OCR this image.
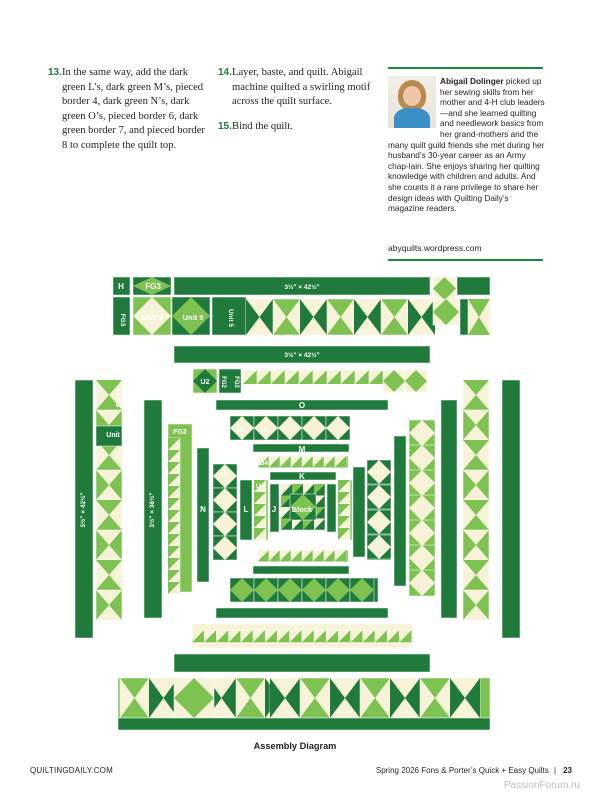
13. In the same way, add the dark green L’s, dark green M’s, pieced border 4, dark green N’s, dark green O’s, pieced border 6, dark green border 7, and pieced border 8 to complete the quilt top.
14. Layer, baste, and quilt. Abigail machine quilted a swirling motif across the quilt surface.
15. Bind the quilt.
Abigail Dolinger picked up her sewing skills from her mother and 4-H club leaders—and she learned quilting and needlework basics from her grand-mothers and the many quilt guild friends she met during her husband’s 30-year career as an Army chap-lain. She enjoys sharing her quilting knowledge with children and adults. And she counts it a rare privilege to share her design ideas with Quilting Daily’s magazine readers.
abyquilts.wordpress.com
H	FG3	3½" × 42½"
Unit 3	Unit 5
FG3	Unit 5
3½" × 42½"
U2 FG2 FG2
O
U1 U1
M
U4
U1
U4
K
N	L	J Block
FG2
Unit 5
Unit 5
3½" × 42½"	3½" × 36½"
Assembly Diagram
QUILTINGDAILY.COM	Spring 2026 Fons & Porter’s Quick + Easy Quilts | 23
PassionForum.ru
